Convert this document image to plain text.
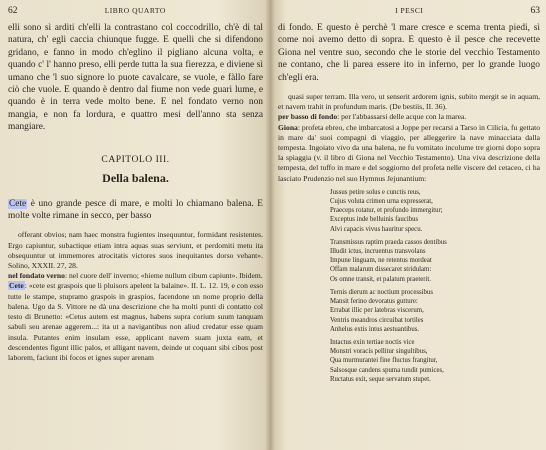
62	LIBRO QUARTO

elli sono sì arditi ch'elli la contrastano col coccodrillo, ch'è di tal natura, ch' egli caccia chiunque fugge. E quelli che si difendono gridano, e fanno in modo ch'eglino il pigliano alcuna volta, e quando c' l' hanno preso, elli perde tutta la sua fierezza, e diviene sì umano che 'l suo signore lo puote cavalcare, se vuole, e fàllo fare ciò che vuole. E quando è dentro dal fiume non vede guari lume, e quando è in terra vede molto bene. E nel fondato verno non mangia, e non fa lordura, e quattro mesi dell'anno sta senza mangiare.

CAPITOLO III.
Della balena.

Cete è uno grande pesce di mare, e molti lo chiamano balena. E molte volte rimane in secco, per basso

offerant obvios; nam haec monstra fugientes insequuntur, formidant resistentes. Ergo capiuntur, subactique etiam intra aquas suas serviunt, et perdomiti metu ita obsequuntur ut immemores atrocitatis victores suos inequitantes dorso vehant». Solino, XXXII. 27, 28.

nel fondato verno: nel cuore dell' inverno; «hieme nullum cibum capiunt». Ibidem.

Cete: «cete est graspois que li pluisors apelent la balaine». II. L. 12. 19, e con esso tutte le stampe, stupramo graspois in graspios, facendone un nome proprio della balena. Ugo da S. Vittore ne dà una descrizione che ha molti punti di contatto col testo di Brunetto: «Cetus autem est magnus, habens supra corium suum tanquam sabuli seu arenae aggerem...: ita ut a navigantibus non aliud credatur esse quam insula. Putantes enim insulam esse, applicant navem suam juxta eam, et descendentes figunt illic palos, et alligant navem, deinde ut coquant sibi cibos post laborem, faciunt ibi focos et ignes super arenam

I PESCI	63

di fondo. E questo è perchè 'l mare cresce e scema trenta piedi, sì come noi avemo detto di sopra. E questo è il pesce che recevette Giona nel ventre suo, secondo che le storie del vecchio Testamento ne contano, che li parea essere ito in inferno, per lo grande luogo ch'egli era.

quasi super terram. Illa vero, ut senserit ardorem ignis, subito mergit se in aquam, et navem trahit in profundum maris. (De bestiis, II. 36).

per basso di fondo: per l'abbassarsi delle acque con la marea.

Giona: profeta ebreo, che imbarcatosi a Joppe per recarsi a Tarso in Cilicia, fu gettato in mare da' suoi compagni di viaggio, per alleggerire la nave minacciata dalla tempesta. Ingoiato vivo da una balena, ne fu vomitato incolume tre giorni dopo sopra la spiaggia (v. il libro di Giona nel Vecchio Testamento). Una viva descrizione della tempesta, del tuffo in mare e del soggiorno del profeta nelle viscere del cetaceo, ci ha lasciato Prudenzio nel suo Hymnus Jejunantium:

Jussus petire solus e cunctis reus,
Cujus voluta crimen urna expresserat,
Praeceps rotatur, et profundo immergitur;
Exceptus inde belluinis faucibus
Alvi capacis vivus hauritur specu.
Transmissus raptim praeda cassos dentibus
Illudit ictus, incruentus transvolans
Impune linguam, ne retentus mordeat
Offam malarum dissecaret stridulam:
Os omne transit, et palatum praeterit.
Ternis dierum ac noctium processibus
Mansit ferino devoratus gutture:
Errabat illic per latebras viscerum,
Ventris meandros circuibat tortiles
Anhelus extis intus aestuantibus.
Intactus exin tertiae noctis vice
Monstri voracis pellitur singultibus,
Qua murmurantei fine fluctus frangitur,
Salsosque candens spuma tundit pumices,
Ructatus exit, seque servatum stupet.
